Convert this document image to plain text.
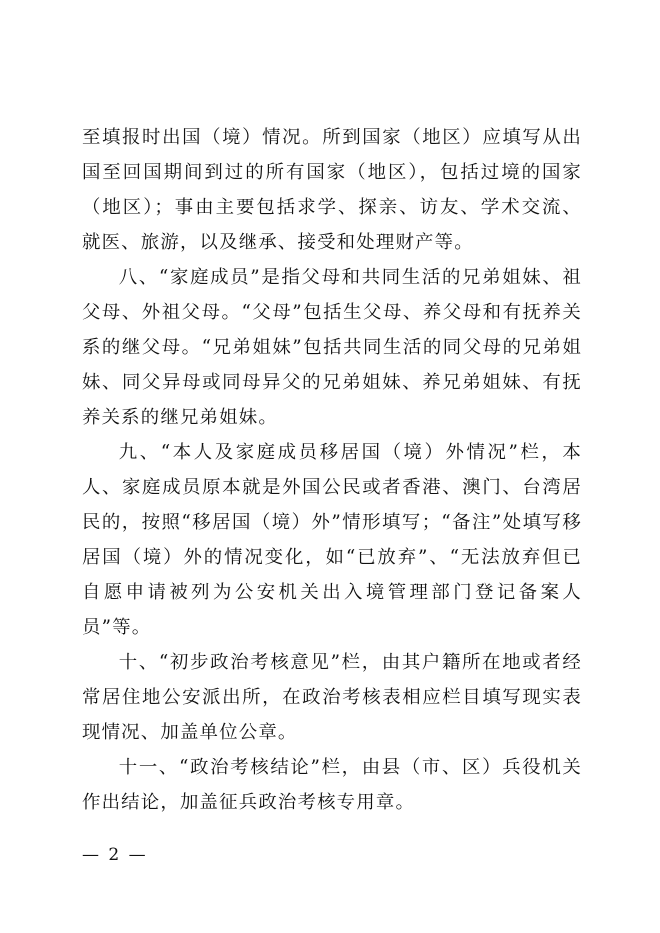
至填报时出国（境）情况。所到国家（地区）应填写从出国至回国期间到过的所有国家（地区），包括过境的国家（地区）；事由主要包括求学、探亲、访友、学术交流、就医、旅游，以及继承、接受和处理财产等。

八、“家庭成员”是指父母和共同生活的兄弟姐妹、祖父母、外祖父母。“父母”包括生父母、养父母和有抚养关系的继父母。“兄弟姐妹”包括共同生活的同父母的兄弟姐妹、同父异母或同母异父的兄弟姐妹、养兄弟姐妹、有抚养关系的继兄弟姐妹。

九、“本人及家庭成员移居国（境）外情况”栏，本人、家庭成员原本就是外国公民或者香港、澳门、台湾居民的，按照“移居国（境）外”情形填写；“备注”处填写移居国（境）外的情况变化，如“已放弃”、“无法放弃但已自愿申请被列为公安机关出入境管理部门登记备案人员”等。

十、“初步政治考核意见”栏，由其户籍所在地或者经常居住地公安派出所，在政治考核表相应栏目填写现实表现情况、加盖单位公章。

十一、“政治考核结论”栏，由县（市、区）兵役机关作出结论，加盖征兵政治考核专用章。

— 2 —
